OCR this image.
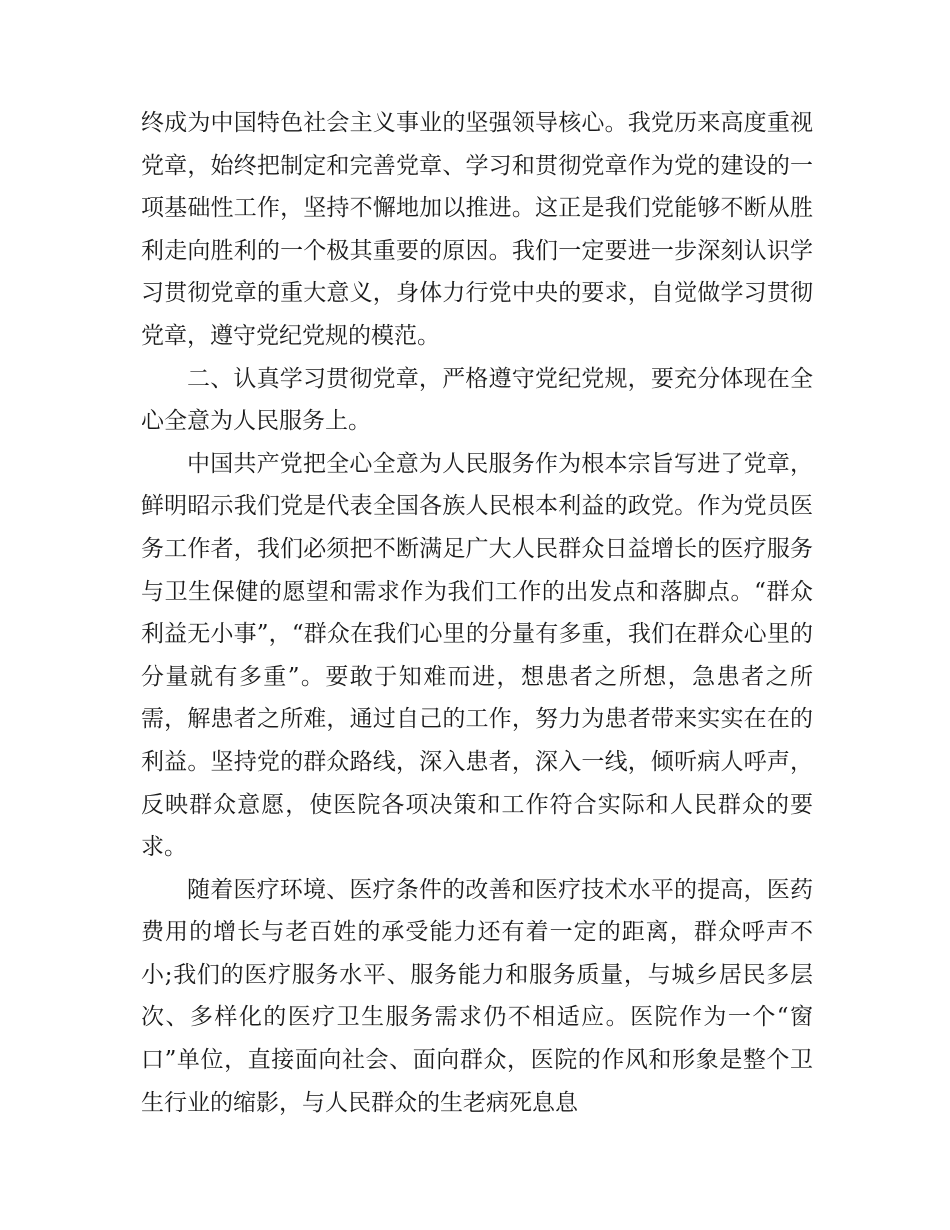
终成为中国特色社会主义事业的坚强领导核心。我党历来高度重视党章，始终把制定和完善党章、学习和贯彻党章作为党的建设的一项基础性工作，坚持不懈地加以推进。这正是我们党能够不断从胜利走向胜利的一个极其重要的原因。我们一定要进一步深刻认识学习贯彻党章的重大意义，身体力行党中央的要求，自觉做学习贯彻党章，遵守党纪党规的模范。

二、认真学习贯彻党章，严格遵守党纪党规，要充分体现在全心全意为人民服务上。

中国共产党把全心全意为人民服务作为根本宗旨写进了党章，鲜明昭示我们党是代表全国各族人民根本利益的政党。作为党员医务工作者，我们必须把不断满足广大人民群众日益增长的医疗服务与卫生保健的愿望和需求作为我们工作的出发点和落脚点。“群众利益无小事”，“群众在我们心里的分量有多重，我们在群众心里的分量就有多重”。要敢于知难而进，想患者之所想，急患者之所需，解患者之所难，通过自己的工作，努力为患者带来实实在在的利益。坚持党的群众路线，深入患者，深入一线，倾听病人呼声，反映群众意愿，使医院各项决策和工作符合实际和人民群众的要求。

随着医疗环境、医疗条件的改善和医疗技术水平的提高，医药费用的增长与老百姓的承受能力还有着一定的距离，群众呼声不小;我们的医疗服务水平、服务能力和服务质量，与城乡居民多层次、多样化的医疗卫生服务需求仍不相适应。医院作为一个“窗口”单位，直接面向社会、面向群众，医院的作风和形象是整个卫生行业的缩影，与人民群众的生老病死息息
